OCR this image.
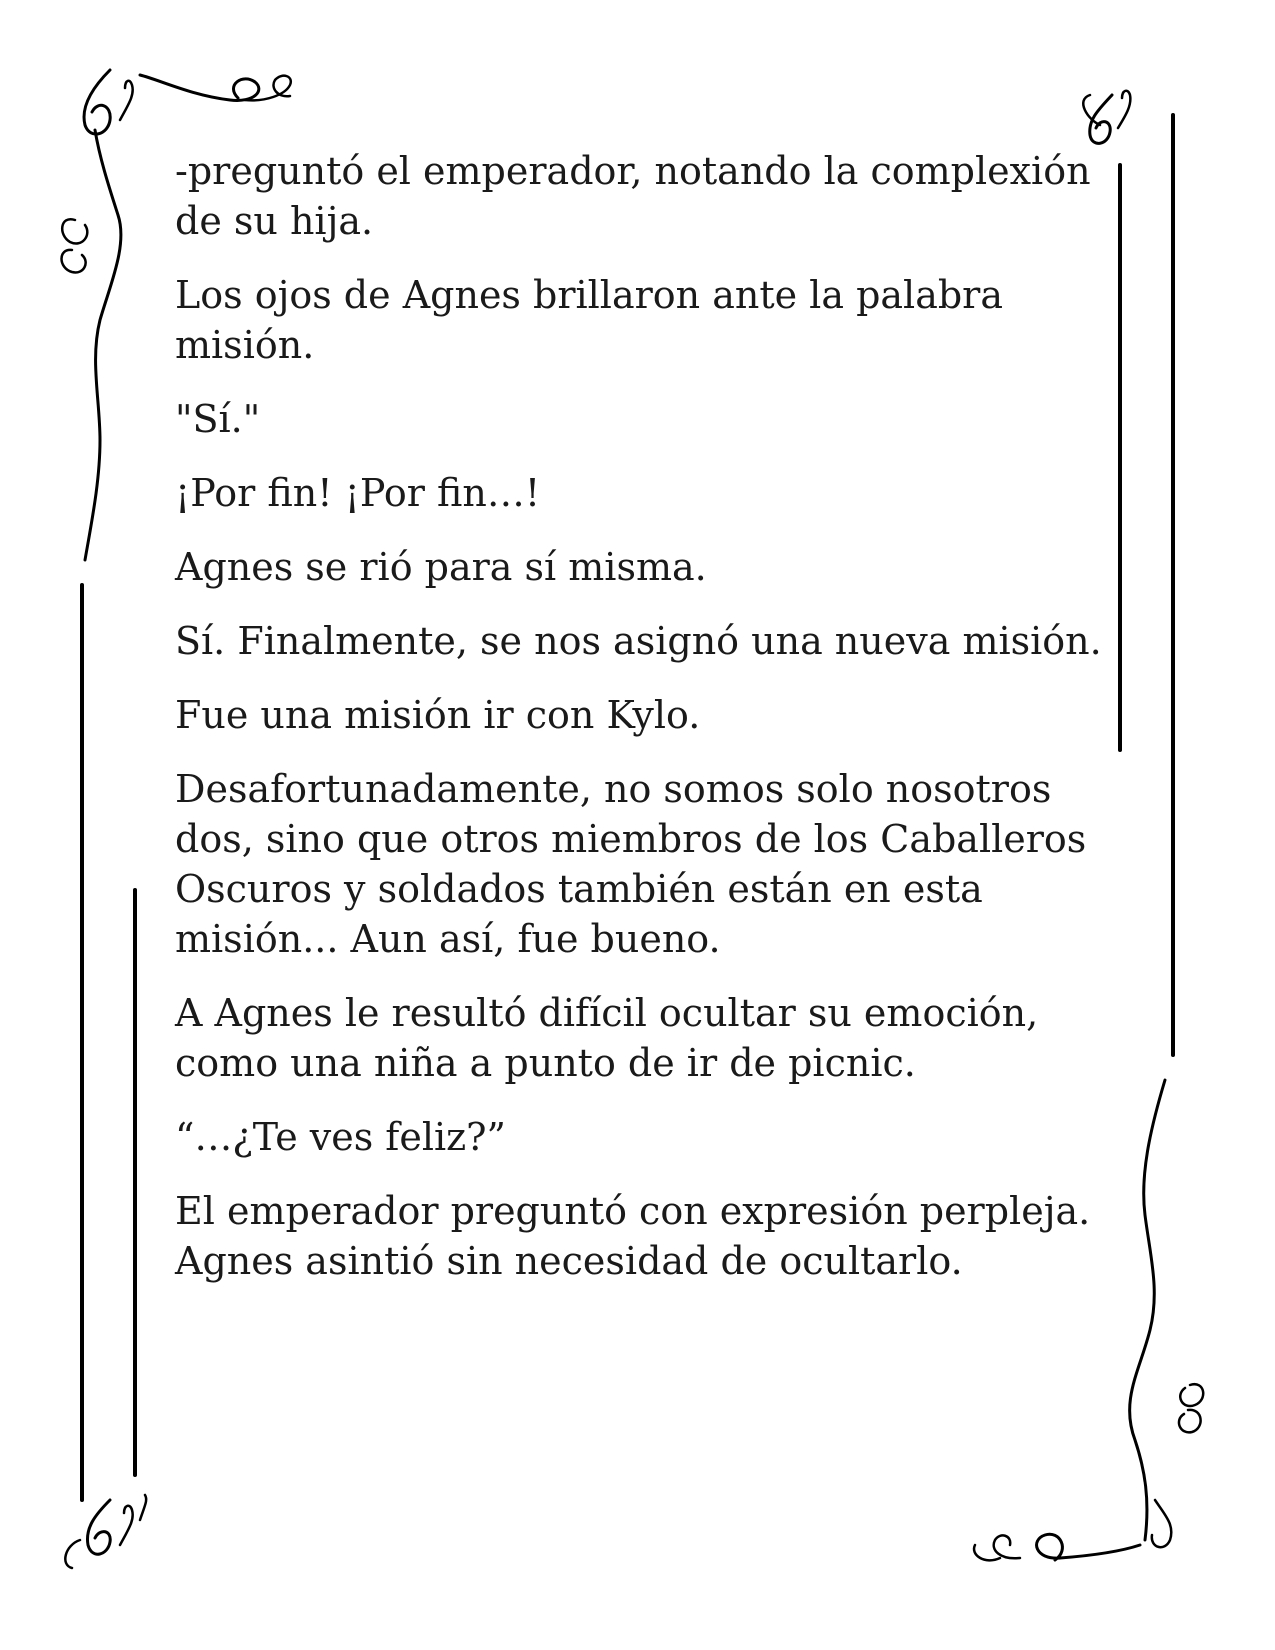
-preguntó el emperador, notando la complexión de su hija.

Los ojos de Agnes brillaron ante la palabra misión.

"Sí."

¡Por fin! ¡Por fin…!

Agnes se rió para sí misma.

Sí. Finalmente, se nos asignó una nueva misión.

Fue una misión ir con Kylo.

Desafortunadamente, no somos solo nosotros dos, sino que otros miembros de los Caballeros Oscuros y soldados también están en esta misión... Aun así, fue bueno.

A Agnes le resultó difícil ocultar su emoción, como una niña a punto de ir de picnic.

“…¿Te ves feliz?”

El emperador preguntó con expresión perpleja. Agnes asintió sin necesidad de ocultarlo.
